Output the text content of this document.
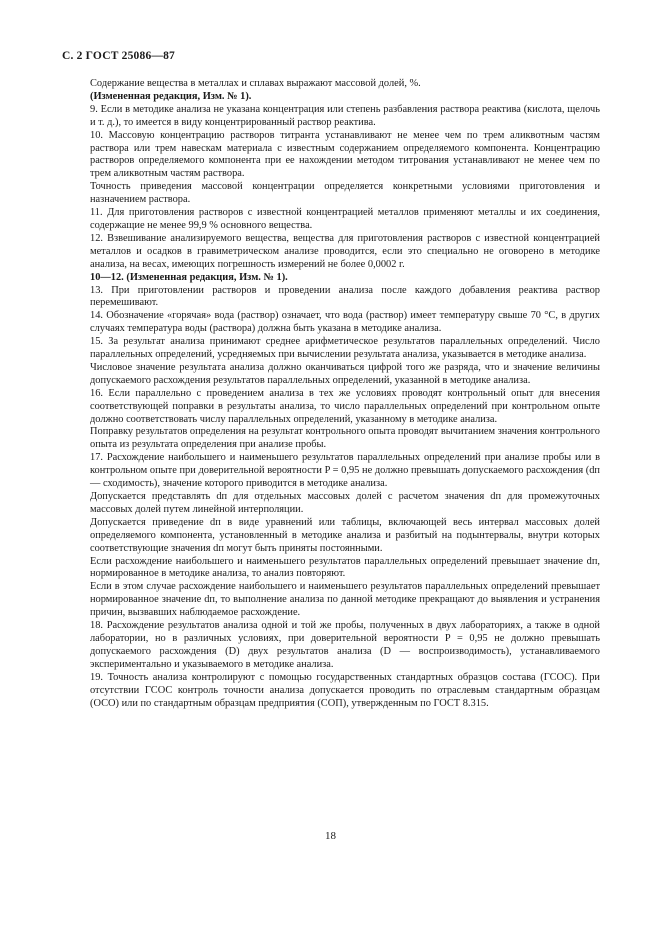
С. 2 ГОСТ 25086—87

Содержание вещества в металлах и сплавах выражают массовой долей, %.

(Измененная редакция, Изм. № 1).

9. Если в методике анализа не указана концентрация или степень разбавления раствора реактива (кислота, щелочь и т. д.), то имеется в виду концентрированный раствор реактива.

10. Массовую концентрацию растворов титранта устанавливают не менее чем по трем аликвотным частям раствора или трем навескам материала с известным содержанием определяемого компонента. Концентрацию растворов определяемого компонента при ее нахождении методом титрования устанавливают не менее чем по трем аликвотным частям раствора.

Точность приведения массовой концентрации определяется конкретными условиями приготовления и назначением раствора.

11. Для приготовления растворов с известной концентрацией металлов применяют металлы и их соединения, содержащие не менее 99,9 % основного вещества.

12. Взвешивание анализируемого вещества, вещества для приготовления растворов с известной концентрацией металлов и осадков в гравиметрическом анализе проводится, если это специально не оговорено в методике анализа, на весах, имеющих погрешность измерений не более 0,0002 г.

10—12. (Измененная редакция, Изм. № 1).

13. При приготовлении растворов и проведении анализа после каждого добавления реактива раствор перемешивают.

14. Обозначение «горячая» вода (раствор) означает, что вода (раствор) имеет температуру свыше 70 °С, в других случаях температура воды (раствора) должна быть указана в методике анализа.

15. За результат анализа принимают среднее арифметическое результатов параллельных определений. Число параллельных определений, усредняемых при вычислении результата анализа, указывается в методике анализа.

Числовое значение результата анализа должно оканчиваться цифрой того же разряда, что и значение величины допускаемого расхождения результатов параллельных определений, указанной в методике анализа.

16. Если параллельно с проведением анализа в тех же условиях проводят контрольный опыт для внесения соответствующей поправки в результаты анализа, то число параллельных определений при контрольном опыте должно соответствовать числу параллельных определений, указанному в методике анализа.

Поправку результатов определения на результат контрольного опыта проводят вычитанием значения контрольного опыта из результата определения при анализе пробы.

17. Расхождение наибольшего и наименьшего результатов параллельных определений при анализе пробы или в контрольном опыте при доверительной вероятности P = 0,95 не должно превышать допускаемого расхождения (dп — сходимость), значение которого приводится в методике анализа.

Допускается представлять dп для отдельных массовых долей с расчетом значения dп для промежуточных массовых долей путем линейной интерполяции.

Допускается приведение dп в виде уравнений или таблицы, включающей весь интервал массовых долей определяемого компонента, установленный в методике анализа и разбитый на подынтервалы, внутри которых соответствующие значения dп могут быть приняты постоянными.

Если расхождение наибольшего и наименьшего результатов параллельных определений превышает значение dп, нормированное в методике анализа, то анализ повторяют.

Если в этом случае расхождение наибольшего и наименьшего результатов параллельных определений превышает нормированное значение dп, то выполнение анализа по данной методике прекращают до выявления и устранения причин, вызвавших наблюдаемое расхождение.

18. Расхождение результатов анализа одной и той же пробы, полученных в двух лабораториях, а также в одной лаборатории, но в различных условиях, при доверительной вероятности P = 0,95 не должно превышать допускаемого расхождения (D) двух результатов анализа (D — воспроизводимость), устанавливаемого экспериментально и указываемого в методике анализа.

19. Точность анализа контролируют с помощью государственных стандартных образцов состава (ГСОС). При отсутствии ГСОС контроль точности анализа допускается проводить по отраслевым стандартным образцам (ОСО) или по стандартным образцам предприятия (СОП), утвержденным по ГОСТ 8.315.

18
